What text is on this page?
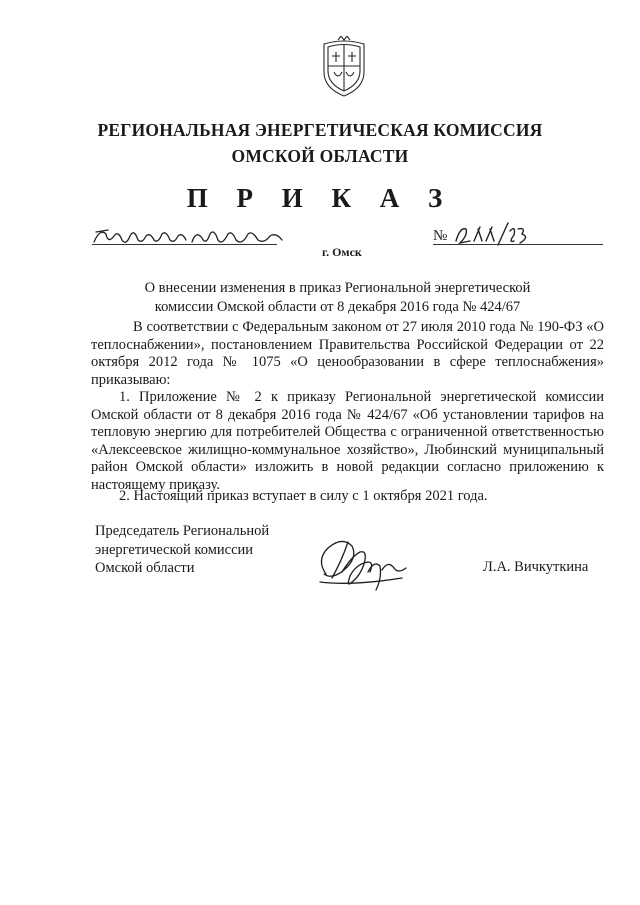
РЕГИОНАЛЬНАЯ ЭНЕРГЕТИЧЕСКАЯ КОМИССИЯ
ОМСКОЙ ОБЛАСТИ
П Р И К А З
г. Омск
№
О внесении изменения в приказ Региональной энергетической
комиссии Омской области от 8 декабря 2016 года № 424/67
В соответствии с Федеральным законом от 27 июля 2010 года № 190-ФЗ «О теплоснабжении», постановлением Правительства Российской Федерации от 22 октября 2012 года № 1075 «О ценообразовании в сфере теплоснабжения» приказываю:
1. Приложение № 2 к приказу Региональной энергетической комиссии Омской области от 8 декабря 2016 года № 424/67 «Об установлении тарифов на тепловую энергию для потребителей Общества с ограниченной ответственностью «Алексеевское жилищно-коммунальное хозяйство», Любинский муниципальный район Омской области» изложить в новой редакции согласно приложению к настоящему приказу.
2. Настоящий приказ вступает в силу с 1 октября 2021 года.
Председатель Региональной
энергетической комиссии
Омской области	Л.А. Вичкуткина
